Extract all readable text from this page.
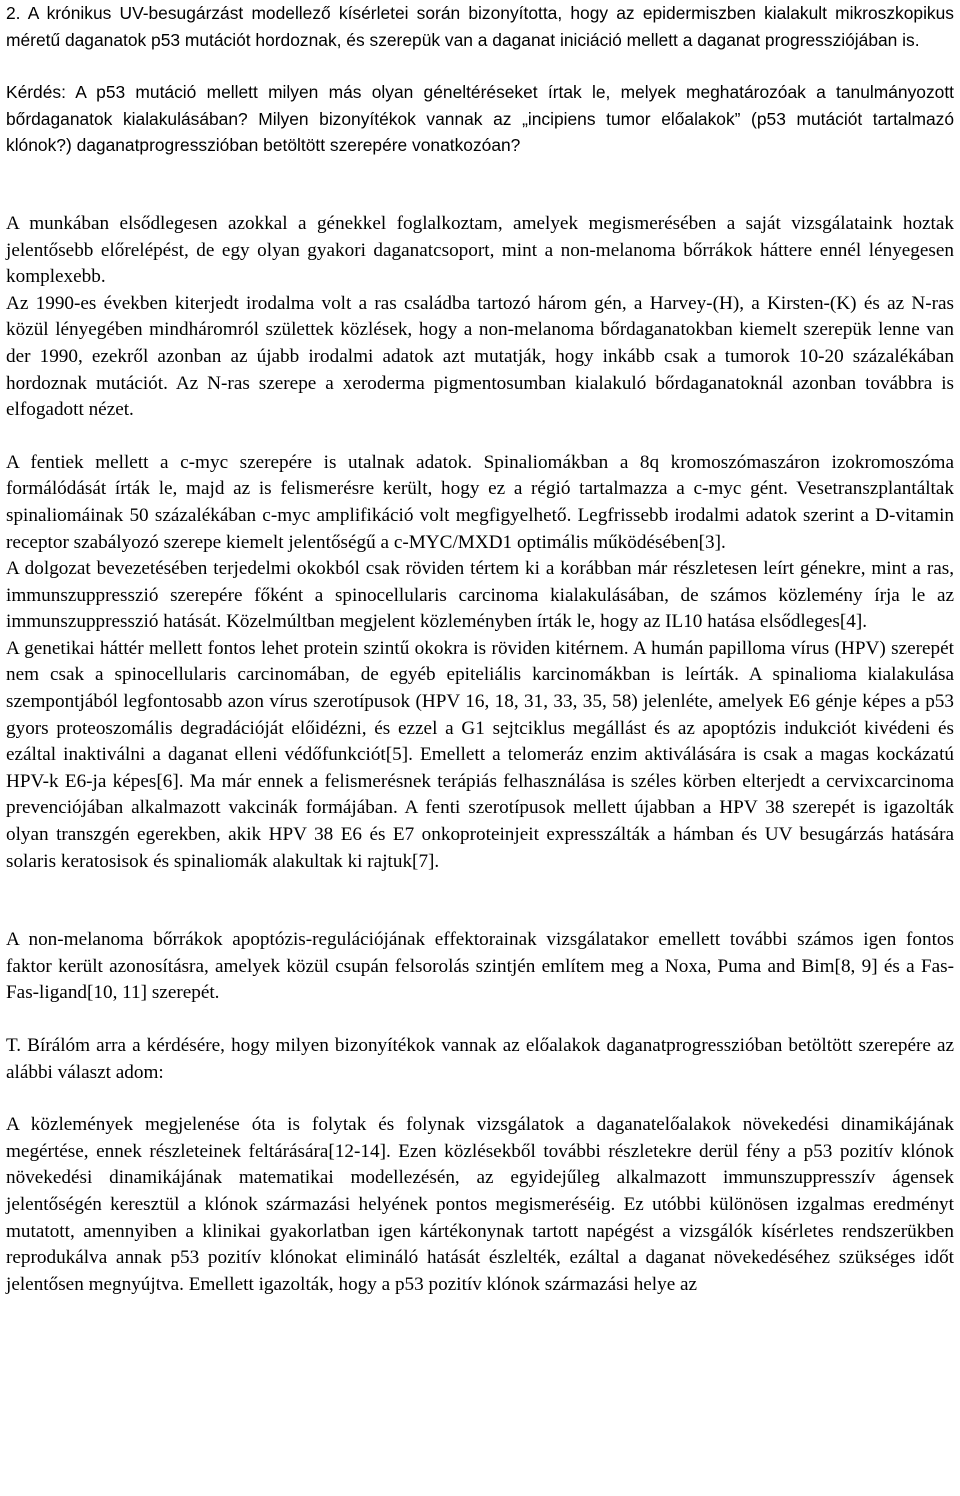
2. A krónikus UV-besugárzást modellező kísérletei során bizonyította, hogy az epidermiszben kialakult mikroszkopikus méretű daganatok p53 mutációt hordoznak, és szerepük van a daganat iniciáció mellett a daganat progressziójában is.

Kérdés: A p53 mutáció mellett milyen más olyan géneltéréseket írtak le, melyek meghatározóak a tanulmányozott bőrdaganatok kialakulásában? Milyen bizonyítékok vannak az „incipiens tumor előalakok” (p53 mutációt tartalmazó klónok?) daganatprogresszióban betöltött szerepére vonatkozóan?

A munkában elsődlegesen azokkal a génekkel foglalkoztam, amelyek megismerésében a saját vizsgálataink hoztak jelentősebb előrelépést, de egy olyan gyakori daganatcsoport, mint a non-melanoma bőrrákok háttere ennél lényegesen komplexebb.

Az 1990-es években kiterjedt irodalma volt a ras családba tartozó három gén, a Harvey-(H), a Kirsten-(K) és az N-ras közül lényegében mindháromról születtek közlések, hogy a non-melanoma bőrdaganatokban kiemelt szerepük lenne van der 1990, ezekről azonban az újabb irodalmi adatok azt mutatják, hogy inkább csak a tumorok 10-20 százalékában hordoznak mutációt. Az N-ras szerepe a xeroderma pigmentosumban kialakuló bőrdaganatoknál azonban továbbra is elfogadott nézet.

A fentiek mellett a c-myc szerepére is utalnak adatok. Spinaliomákban a 8q kromoszómaszáron izokromoszóma formálódását írták le, majd az is felismerésre került, hogy ez a régió tartalmazza a c-myc gént. Vesetranszplantáltak spinaliomáinak 50 százalékában c-myc amplifikáció volt megfigyelhető. Legfrissebb irodalmi adatok szerint a D-vitamin receptor szabályozó szerepe kiemelt jelentőségű a c-MYC/MXD1 optimális működésében[3].

A dolgozat bevezetésében terjedelmi okokból csak röviden tértem ki a korábban már részletesen leírt génekre, mint a ras, immunszuppresszió szerepére főként a spinocellularis carcinoma kialakulásában, de számos közlemény írja le az immunszuppresszió hatását. Közelmúltban megjelent közleményben írták le, hogy az IL10 hatása elsődleges[4].

A genetikai háttér mellett fontos lehet protein szintű okokra is röviden kitérnem. A humán papilloma vírus (HPV) szerepét nem csak a spinocellularis carcinomában, de egyéb epiteliális karcinomákban is leírták. A spinalioma kialakulása szempontjából legfontosabb azon vírus szerotípusok (HPV 16, 18, 31, 33, 35, 58) jelenléte, amelyek E6 génje képes a p53 gyors proteoszomális degradációját előidézni, és ezzel a G1 sejtciklus megállást és az apoptózis indukciót kivédeni és ezáltal inaktiválni a daganat elleni védőfunkciót[5]. Emellett a telomeráz enzim aktiválására is csak a magas kockázatú HPV-k E6-ja képes[6]. Ma már ennek a felismerésnek terápiás felhasználása is széles körben elterjedt a cervixcarcinoma prevenciójában alkalmazott vakcinák formájában. A fenti szerotípusok mellett újabban a HPV 38 szerepét is igazolták olyan transzgén egerekben, akik HPV 38 E6 és E7 onkoproteinjeit expresszálták a hámban és UV besugárzás hatására solaris keratosisok és spinaliomák alakultak ki rajtuk[7].

A non-melanoma bőrrákok apoptózis-regulációjának effektorainak vizsgálatakor emellett további számos igen fontos faktor került azonosításra, amelyek közül csupán felsorolás szintjén említem meg a Noxa, Puma and Bim[8, 9] és a Fas-Fas-ligand[10, 11] szerepét.

T. Bírálóm arra a kérdésére, hogy milyen bizonyítékok vannak az előalakok daganatprogresszióban betöltött szerepére az alábbi választ adom:

A közlemények megjelenése óta is folytak és folynak vizsgálatok a daganatelőalakok növekedési dinamikájának megértése, ennek részleteinek feltárására[12-14]. Ezen közlésekből további részletekre derül fény a p53 pozitív klónok növekedési dinamikájának matematikai modellezésén, az egyidejűleg alkalmazott immunszuppresszív ágensek jelentőségén keresztül a klónok származási helyének pontos megismeréséig. Ez utóbbi különösen izgalmas eredményt mutatott, amennyiben a klinikai gyakorlatban igen kártékonynak tartott napégést a vizsgálók kísérletes rendszerükben reprodukálva annak p53 pozitív klónokat elimináló hatását észlelték, ezáltal a daganat növekedéséhez szükséges időt jelentősen megnyújtva. Emellett igazolták, hogy a p53 pozitív klónok származási helye az
